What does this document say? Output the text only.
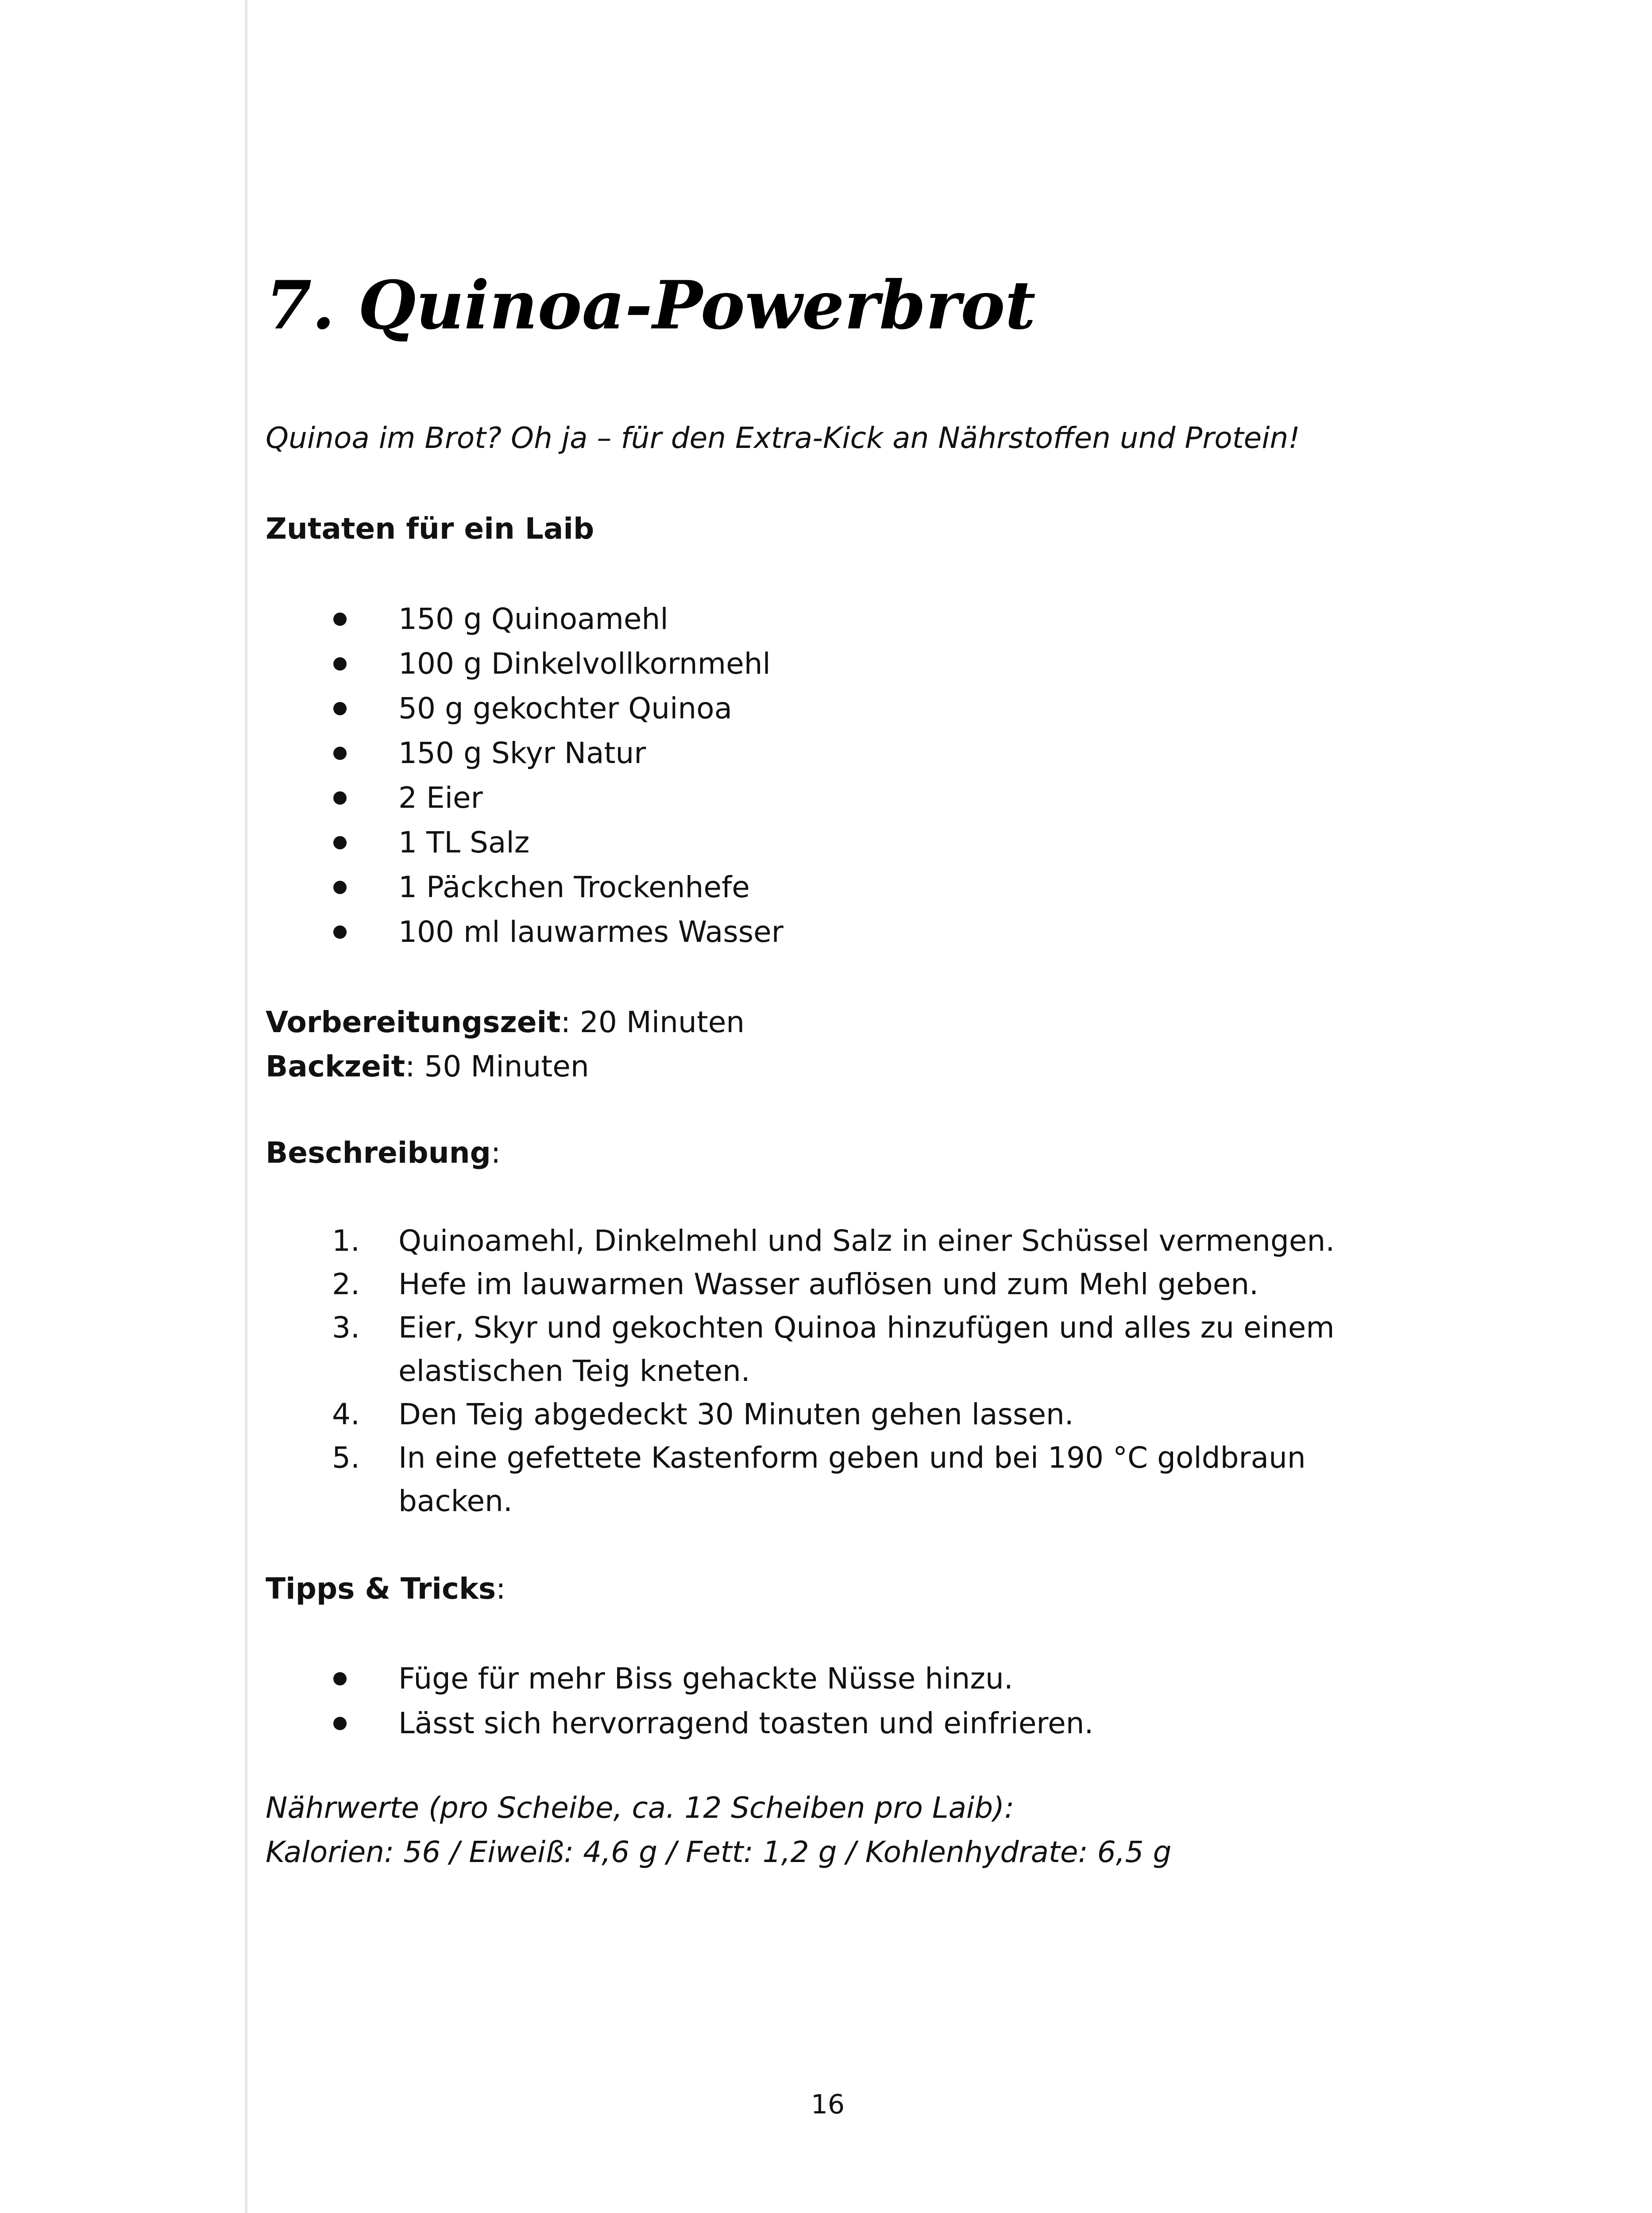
7. Quinoa-Powerbrot
Quinoa im Brot? Oh ja – für den Extra-Kick an Nährstoffen und Protein!
Zutaten für ein Laib
150 g Quinoamehl
100 g Dinkelvollkornmehl
50 g gekochter Quinoa
150 g Skyr Natur
2 Eier
1 TL Salz
1 Päckchen Trockenhefe
100 ml lauwarmes Wasser
Vorbereitungszeit: 20 Minuten
Backzeit: 50 Minuten
Beschreibung:
1. Quinoamehl, Dinkelmehl und Salz in einer Schüssel vermengen.
2. Hefe im lauwarmen Wasser auflösen und zum Mehl geben.
3. Eier, Skyr und gekochten Quinoa hinzufügen und alles zu einem
elastischen Teig kneten.
4. Den Teig abgedeckt 30 Minuten gehen lassen.
5. In eine gefettete Kastenform geben und bei 190 °C goldbraun
backen.
Tipps & Tricks:
Füge für mehr Biss gehackte Nüsse hinzu.
Lässt sich hervorragend toasten und einfrieren.
Nährwerte (pro Scheibe, ca. 12 Scheiben pro Laib):
Kalorien: 56 / Eiweiß: 4,6 g / Fett: 1,2 g / Kohlenhydrate: 6,5 g
16
